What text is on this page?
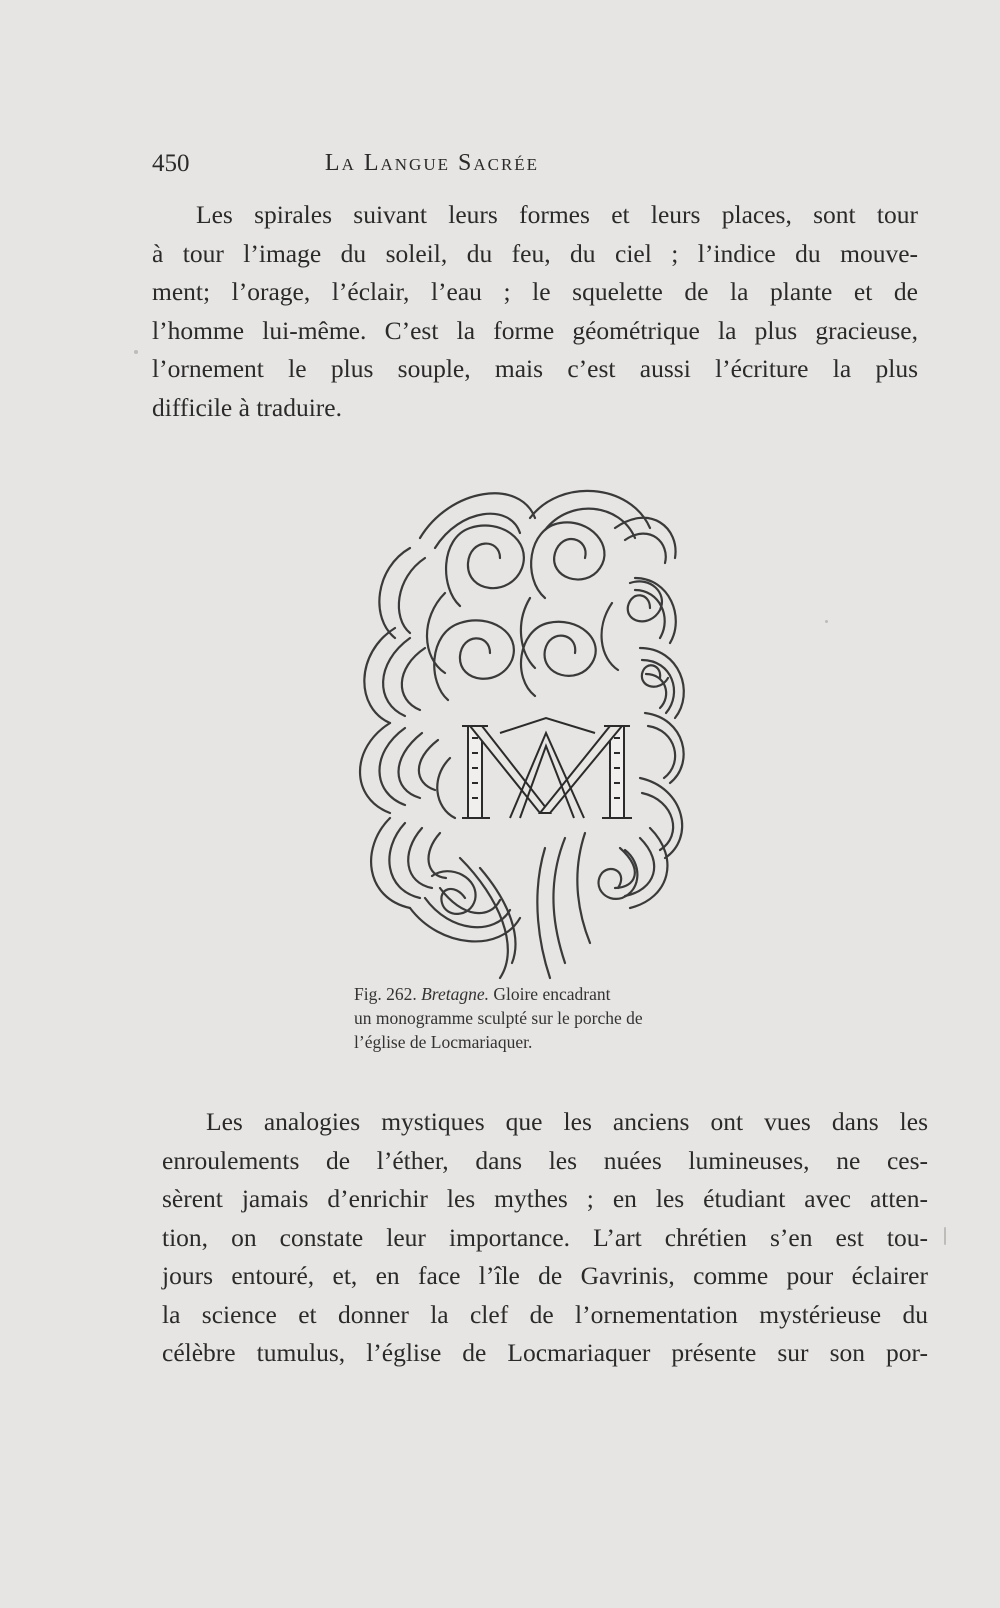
450	La Langue Sacrée

Les spirales suivant leurs formes et leurs places, sont tour
à tour l’image du soleil, du feu, du ciel ; l’indice du mouve-
ment; l’orage, l’éclair, l’eau ; le squelette de la plante et de
l’homme lui-même. C’est la forme géométrique la plus gracieuse,
l’ornement le plus souple, mais c’est aussi l’écriture la plus
difficile à traduire.

Fig. 262. Bretagne. Gloire encadrant
un monogramme sculpté sur le porche de
l’église de Locmariaquer.

Les analogies mystiques que les anciens ont vues dans les
enroulements de l’éther, dans les nuées lumineuses, ne ces-
sèrent jamais d’enrichir les mythes ; en les étudiant avec atten-
tion, on constate leur importance. L’art chrétien s’en est tou-
jours entouré, et, en face l’île de Gavrinis, comme pour éclairer
la science et donner la clef de l’ornementation mystérieuse du
célèbre tumulus, l’église de Locmariaquer présente sur son por-
